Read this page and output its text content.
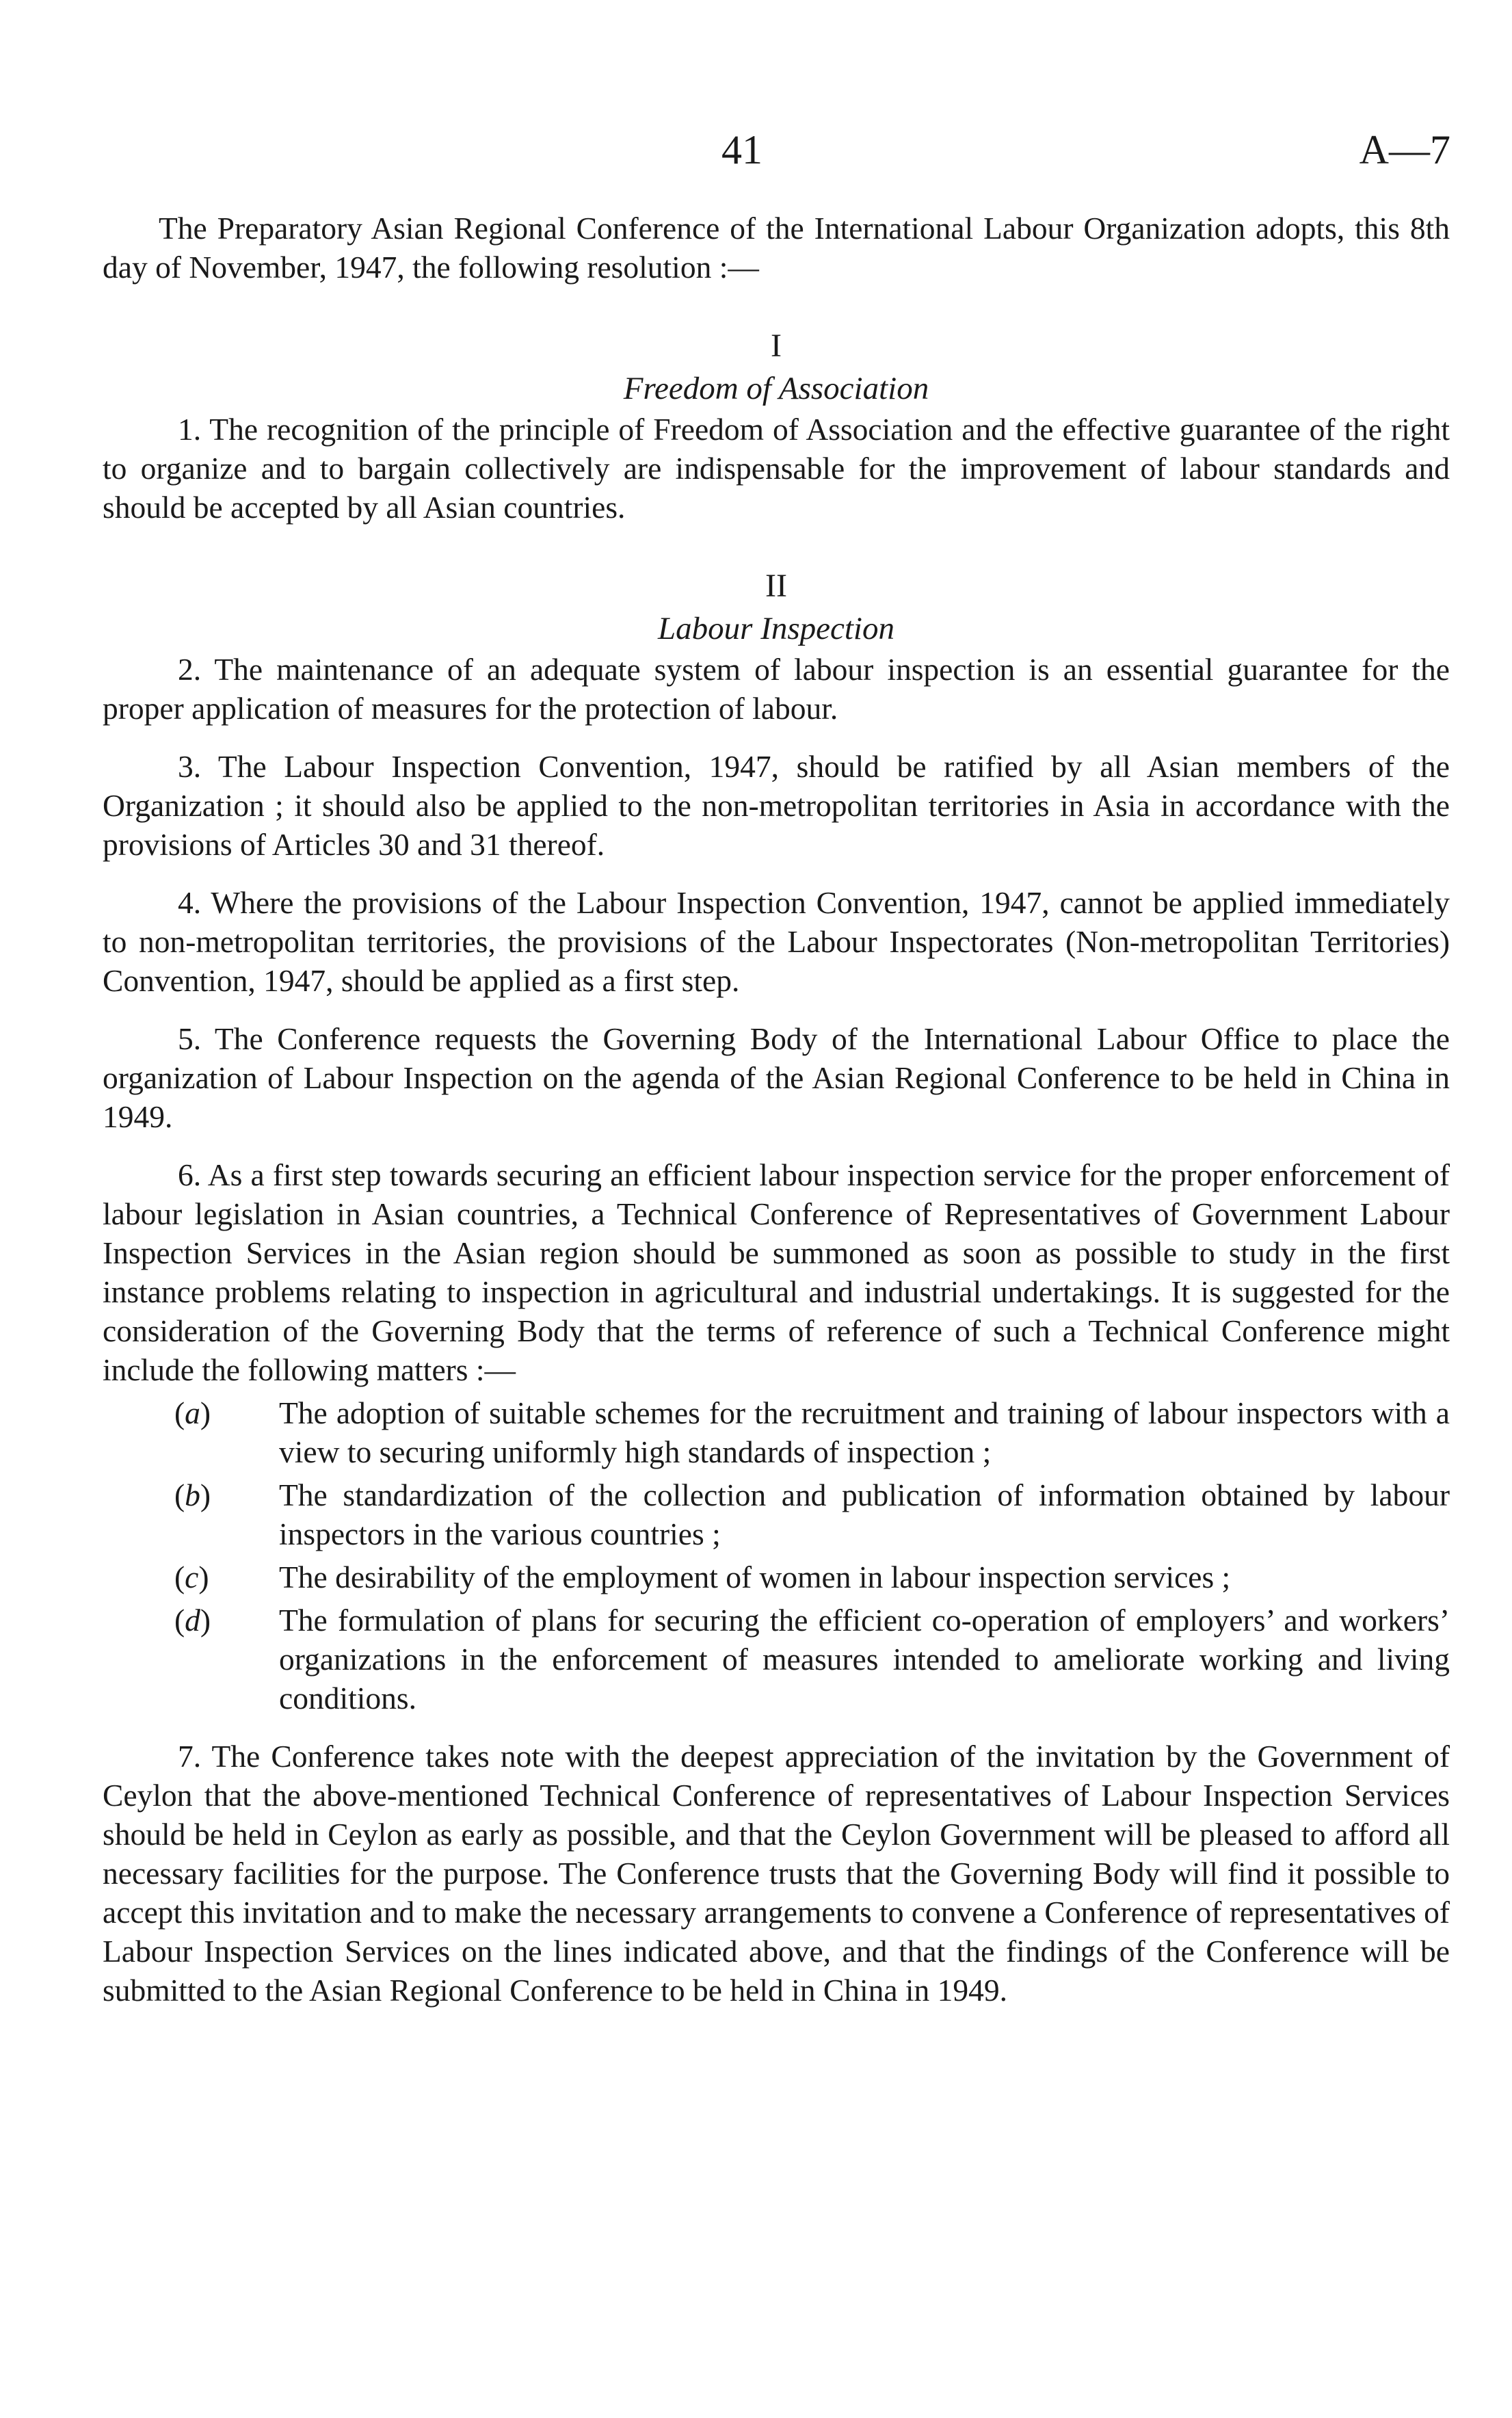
41	A—7

The Preparatory Asian Regional Conference of the International Labour Organization adopts, this 8th day of November, 1947, the following resolution :—

I
Freedom of Association

1. The recognition of the principle of Freedom of Association and the effective guarantee of the right to organize and to bargain collectively are indispensable for the improvement of labour standards and should be accepted by all Asian countries.

II
Labour Inspection

2. The maintenance of an adequate system of labour inspection is an essential guarantee for the proper application of measures for the protection of labour.

3. The Labour Inspection Convention, 1947, should be ratified by all Asian members of the Organization ; it should also be applied to the non-metropolitan territories in Asia in accordance with the provisions of Articles 30 and 31 thereof.

4. Where the provisions of the Labour Inspection Convention, 1947, cannot be applied immediately to non-metropolitan territories, the provisions of the Labour Inspectorates (Non-metropolitan Territories) Convention, 1947, should be applied as a first step.

5. The Conference requests the Governing Body of the International Labour Office to place the organization of Labour Inspection on the agenda of the Asian Regional Conference to be held in China in 1949.

6. As a first step towards securing an efficient labour inspection service for the proper enforcement of labour legislation in Asian countries, a Technical Conference of Representatives of Government Labour Inspection Services in the Asian region should be summoned as soon as possible to study in the first instance problems relating to inspection in agricultural and industrial undertakings. It is suggested for the consideration of the Governing Body that the terms of reference of such a Technical Conference might include the following matters :—

(a) The adoption of suitable schemes for the recruitment and training of labour inspectors with a view to securing uniformly high standards of inspection ;
(b) The standardization of the collection and publication of information obtained by labour inspectors in the various countries ;
(c) The desirability of the employment of women in labour inspection services ;
(d) The formulation of plans for securing the efficient co-operation of employers’ and workers’ organizations in the enforcement of measures intended to ameliorate working and living conditions.

7. The Conference takes note with the deepest appreciation of the invitation by the Government of Ceylon that the above-mentioned Technical Conference of representatives of Labour Inspection Services should be held in Ceylon as early as possible, and that the Ceylon Government will be pleased to afford all necessary facilities for the purpose. The Conference trusts that the Governing Body will find it possible to accept this invitation and to make the necessary arrangements to convene a Conference of representatives of Labour Inspection Services on the lines indicated above, and that the findings of the Conference will be submitted to the Asian Regional Conference to be held in China in 1949.
